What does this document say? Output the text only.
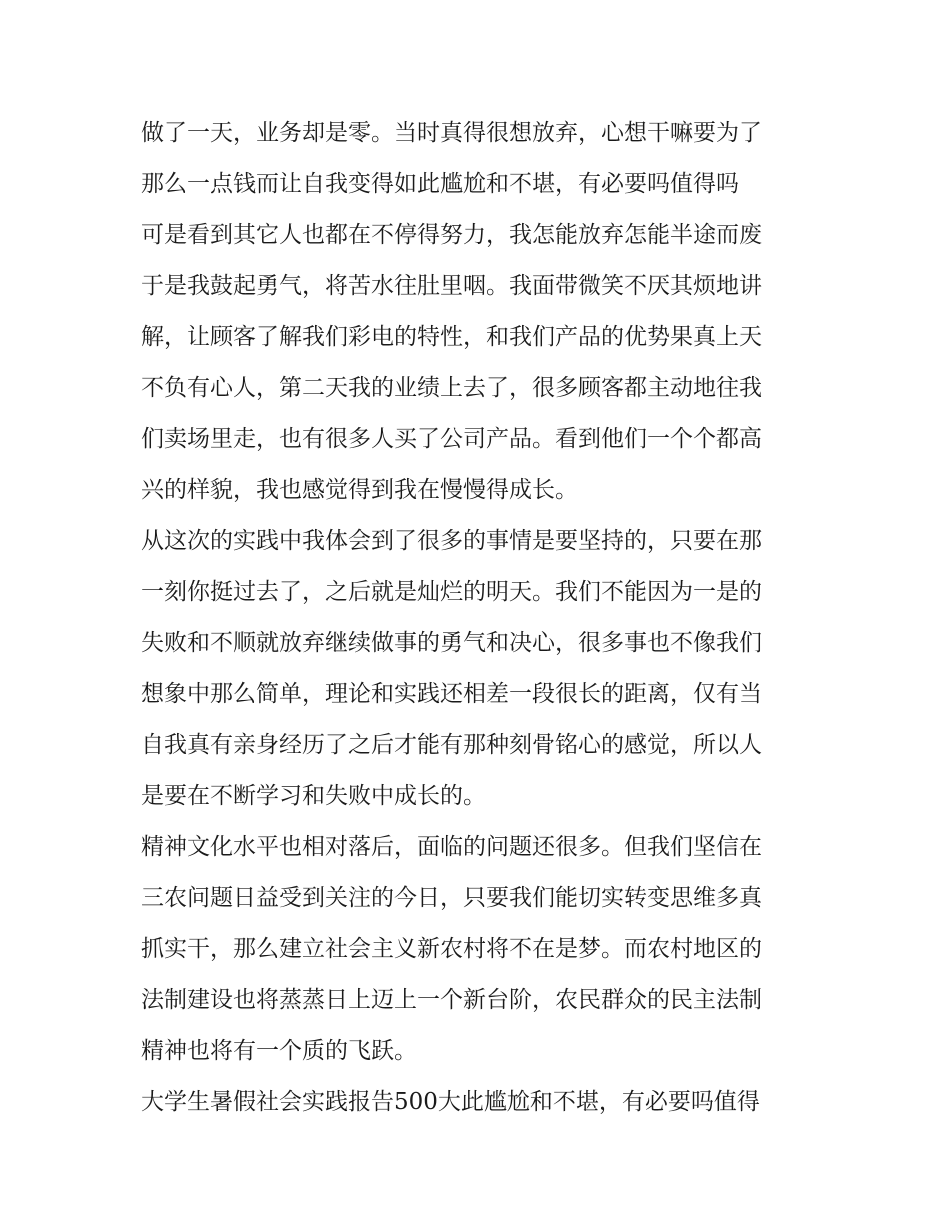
做了一天，业务却是零。当时真得很想放弃，心想干嘛要为了
那么一点钱而让自我变得如此尴尬和不堪，有必要吗值得吗
可是看到其它人也都在不停得努力，我怎能放弃怎能半途而废
于是我鼓起勇气，将苦水往肚里咽。我面带微笑不厌其烦地讲
解，让顾客了解我们彩电的特性，和我们产品的优势果真上天
不负有心人，第二天我的业绩上去了，很多顾客都主动地往我
们卖场里走，也有很多人买了公司产品。看到他们一个个都高
兴的样貌，我也感觉得到我在慢慢得成长。
从这次的实践中我体会到了很多的事情是要坚持的，只要在那
一刻你挺过去了，之后就是灿烂的明天。我们不能因为一是的
失败和不顺就放弃继续做事的勇气和决心，很多事也不像我们
想象中那么简单，理论和实践还相差一段很长的距离，仅有当
自我真有亲身经历了之后才能有那种刻骨铭心的感觉，所以人
是要在不断学习和失败中成长的。
精神文化水平也相对落后，面临的问题还很多。但我们坚信在
三农问题日益受到关注的今日，只要我们能切实转变思维多真
抓实干，那么建立社会主义新农村将不在是梦。而农村地区的
法制建设也将蒸蒸日上迈上一个新台阶，农民群众的民主法制
精神也将有一个质的飞跃。
大学生暑假社会实践报告500大此尴尬和不堪，有必要吗值得
